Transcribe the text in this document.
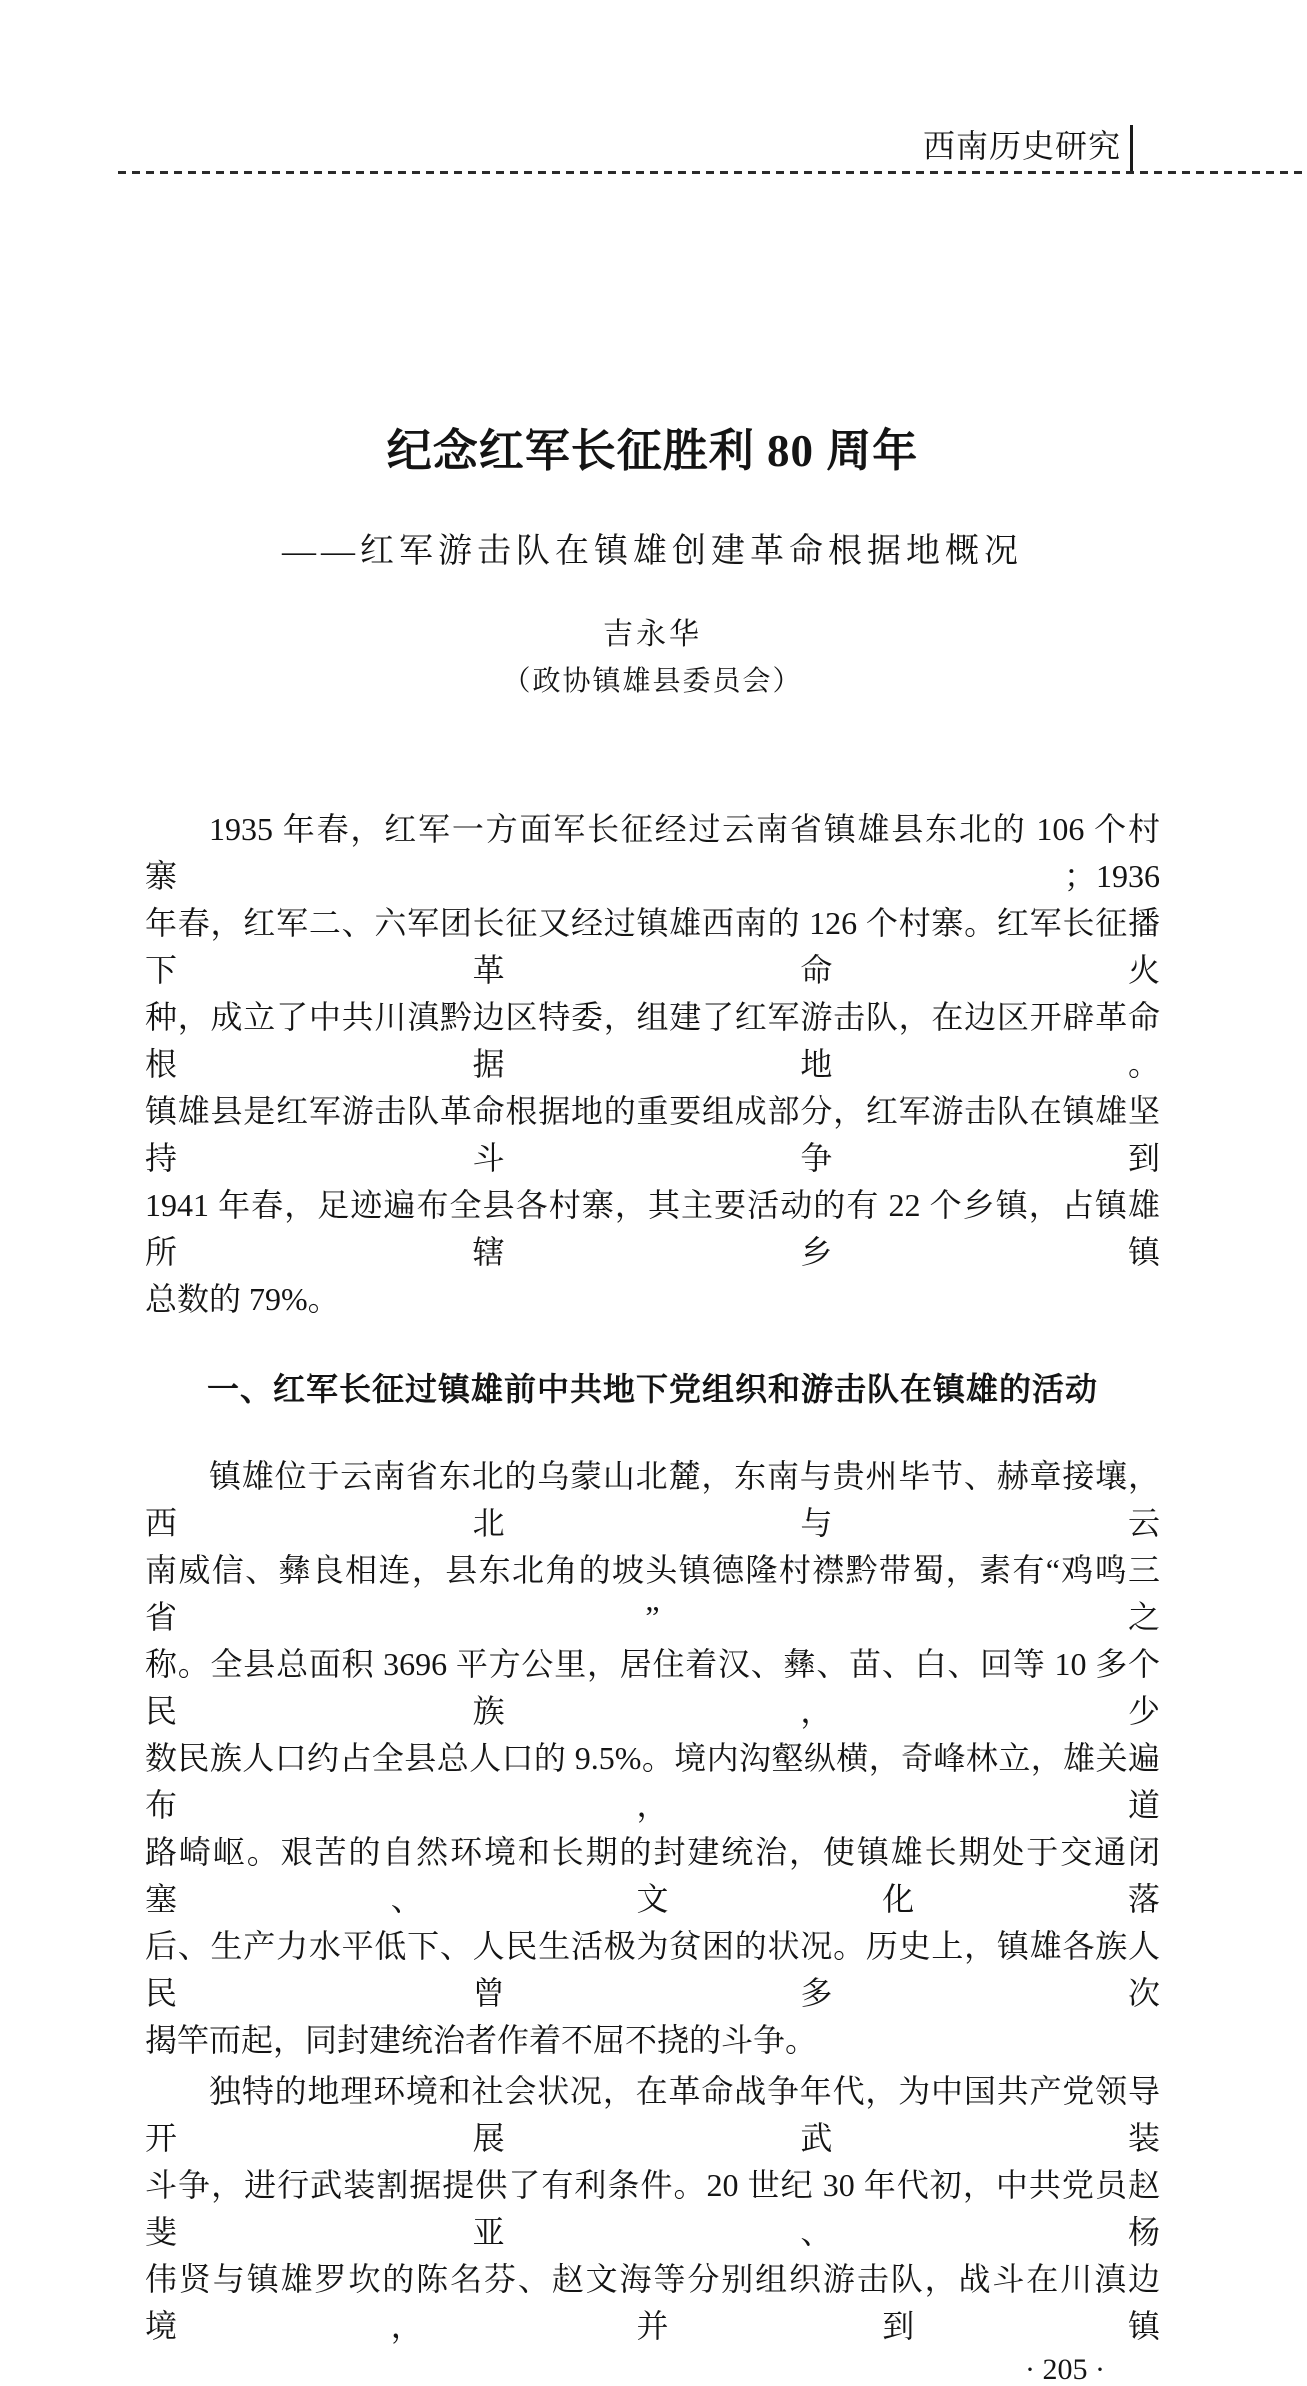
西南历史研究
纪念红军长征胜利 80 周年
——红军游击队在镇雄创建革命根据地概况
吉永华
（政协镇雄县委员会）
1935 年春，红军一方面军长征经过云南省镇雄县东北的 106 个村寨；1936
年春，红军二、六军团长征又经过镇雄西南的 126 个村寨。红军长征播下革命火
种，成立了中共川滇黔边区特委，组建了红军游击队，在边区开辟革命根据地。
镇雄县是红军游击队革命根据地的重要组成部分，红军游击队在镇雄坚持斗争到
1941 年春，足迹遍布全县各村寨，其主要活动的有 22 个乡镇，占镇雄所辖乡镇
总数的 79%。
一、红军长征过镇雄前中共地下党组织和游击队在镇雄的活动
镇雄位于云南省东北的乌蒙山北麓，东南与贵州毕节、赫章接壤，西北与云
南威信、彝良相连，县东北角的坡头镇德隆村襟黔带蜀，素有“鸡鸣三省”之
称。全县总面积 3696 平方公里，居住着汉、彝、苗、白、回等 10 多个民族，少
数民族人口约占全县总人口的 9.5%。境内沟壑纵横，奇峰林立，雄关遍布，道
路崎岖。艰苦的自然环境和长期的封建统治，使镇雄长期处于交通闭塞、文化落
后、生产力水平低下、人民生活极为贫困的状况。历史上，镇雄各族人民曾多次
揭竿而起，同封建统治者作着不屈不挠的斗争。
独特的地理环境和社会状况，在革命战争年代，为中国共产党领导开展武装
斗争，进行武装割据提供了有利条件。20 世纪 30 年代初，中共党员赵斐亚、杨
伟贤与镇雄罗坎的陈名芬、赵文海等分别组织游击队，战斗在川滇边境，并到镇
· 205 ·
